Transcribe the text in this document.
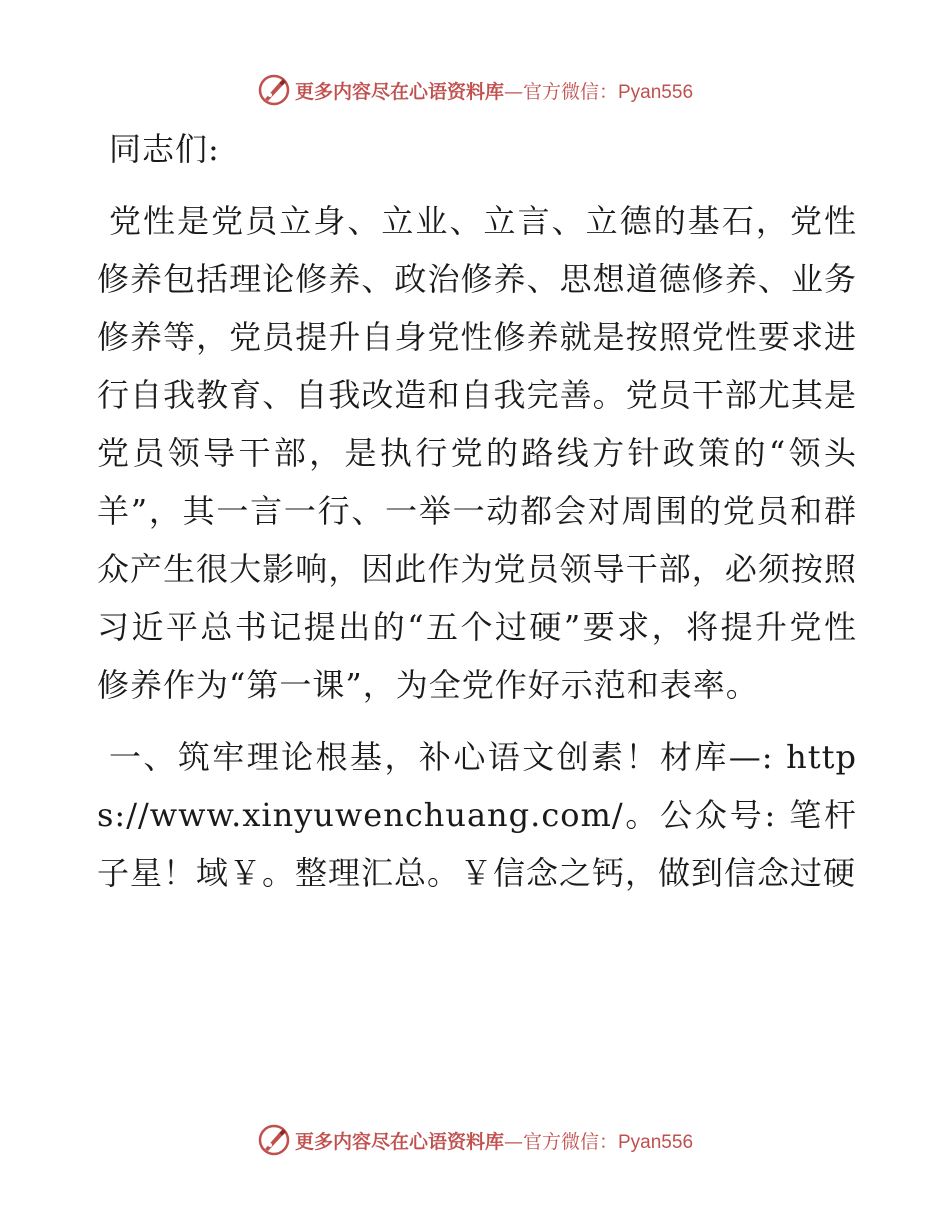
更多内容尽在心语资料库—官方微信：Pyan556

同志们:

党性是党员立身、立业、立言、立德的基石，党性修养包括理论修养、政治修养、思想道德修养、业务修养等，党员提升自身党性修养就是按照党性要求进行自我教育、自我改造和自我完善。党员干部尤其是党员领导干部，是执行党的路线方针政策的“领头羊”，其一言一行、一举一动都会对周围的党员和群众产生很大影响，因此作为党员领导干部，必须按照习近平总书记提出的“五个过硬”要求，将提升党性修养作为“第一课”，为全党作好示范和表率。

一、筑牢理论根基，补心语文创素！材库—: https://www.xinyuwenchuang.com/。公众号: 笔杆子星！域￥。整理汇总。￥信念之钙，做到信念过硬

更多内容尽在心语资料库—官方微信：Pyan556
